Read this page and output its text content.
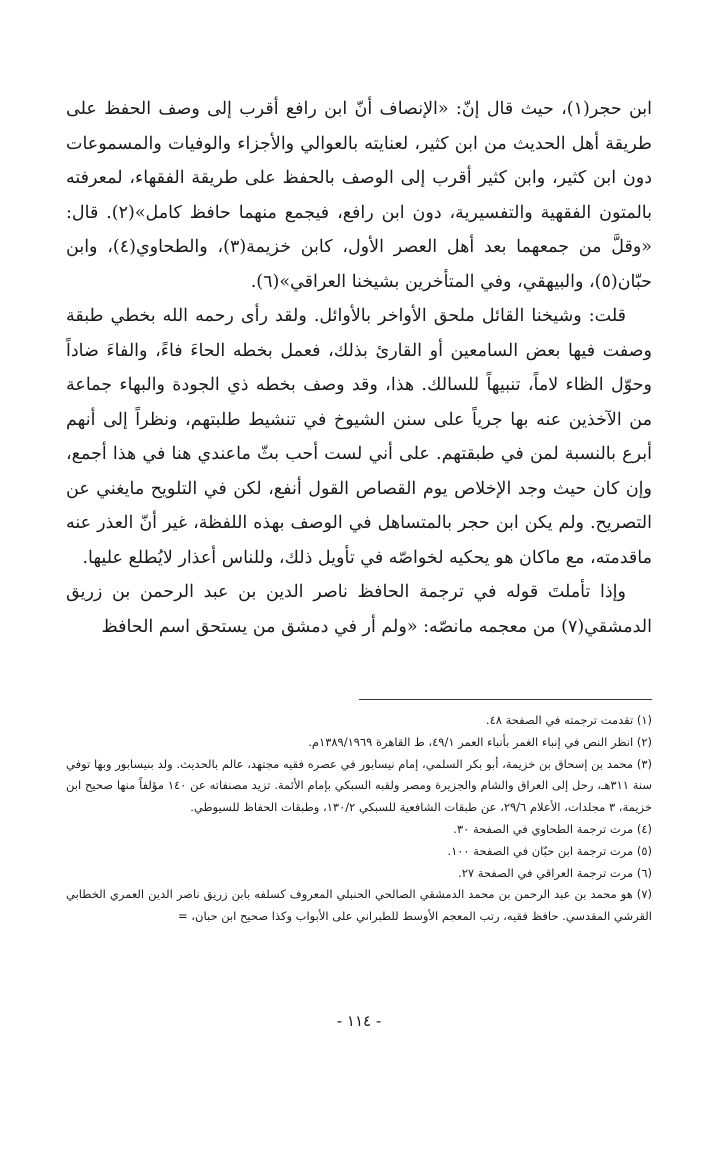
ابن حجر(١)، حيث قال إنّ: «الإنصاف أنّ ابن رافع أقرب إلى وصف الحفظ على طريقة أهل الحديث من ابن كثير، لعنايته بالعوالي والأجزاء والوفيات والمسموعات دون ابن كثير، وابن كثير أقرب إلى الوصف بالحفظ على طريقة الفقهاء، لمعرفته بالمتون الفقهية والتفسيرية، دون ابن رافع، فيجمع منهما حافظ كامل»(٢). قال: «وقلَّ من جمعهما بعد أهل العصر الأول، كابن خزيمة(٣)، والطحاوي(٤)، وابن حبّان(٥)، والبيهقي، وفي المتأخرين بشيخنا العراقي»(٦).

قلت: وشيخنا القائل ملحق الأواخر بالأوائل. ولقد رأى رحمه الله بخطي طبقة وصفت فيها بعض السامعين أو القارئ بذلك، فعمل بخطه الحاءَ فاءً، والفاءَ ضاداً وحوّل الظاء لاماً، تنبيهاً للسالك. هذا، وقد وصف بخطه ذي الجودة والبهاء جماعة من الآخذين عنه بها جرياً على سنن الشيوخ في تنشيط طلبتهم، ونظراً إلى أنهم أبرع بالنسبة لمن في طبقتهم. على أني لست أحب بثّ ماعندي هنا في هذا أجمع، وإن كان حيث وجد الإخلاص يوم القصاص القول أنفع، لكن في التلويح مايغني عن التصريح. ولم يكن ابن حجر بالمتساهل في الوصف بهذه اللفظة، غير أنّ العذر عنه ماقدمته، مع ماكان هو يحكيه لخواصّه في تأويل ذلك، وللناس أعذار لايُطلع عليها.

وإذا تأملتَ قوله في ترجمة الحافظ ناصر الدين بن عبد الرحمن بن زريق الدمشقي(٧) من معجمه مانصّه: «ولم أر في دمشق من يستحق اسم الحافظ

(١) تقدمت ترجمته في الصفحة ٤٨.

(٢) انظر النص في إنباء الغمر بأنباء العمر ٤٩/١، ط القاهرة ١٣٨٩/١٩٦٩م.

(٣) محمد بن إسحاق بن خزيمة، أبو بكر السلمي، إمام نيسابور في عصره فقيه مجتهد، عالم بالحديث. ولد بنيسابور وبها توفي سنة ٣١١هـ، رحل إلى العراق والشام والجزيرة ومصر ولقبه السبكي بإمام الأئمة. تزيد مصنفاته عن ١٤٠ مؤلفاً منها صحيح ابن خزيمة، ٣ مجلدات، الأعلام ٢٩/٦، عن طبقات الشافعية للسبكي ١٣٠/٢، وطبقات الحفاظ للسيوطي.

(٤) مرت ترجمة الطحاوي في الصفحة ٣٠.

(٥) مرت ترجمة ابن حبّان في الصفحة ١٠٠.

(٦) مرت ترجمة العراقي في الصفحة ٢٧.

(٧) هو محمد بن عبد الرحمن بن محمد الدمشقي الصالحي الحنبلي المعروف كسلفه بابن زريق ناصر الدين العمري الخطابي القرشي المقدسي. حافظ فقيه، رتب المعجم الأوسط للطبراني على الأبواب وكذا صحيح ابن حبان، =

- ١١٤ -
